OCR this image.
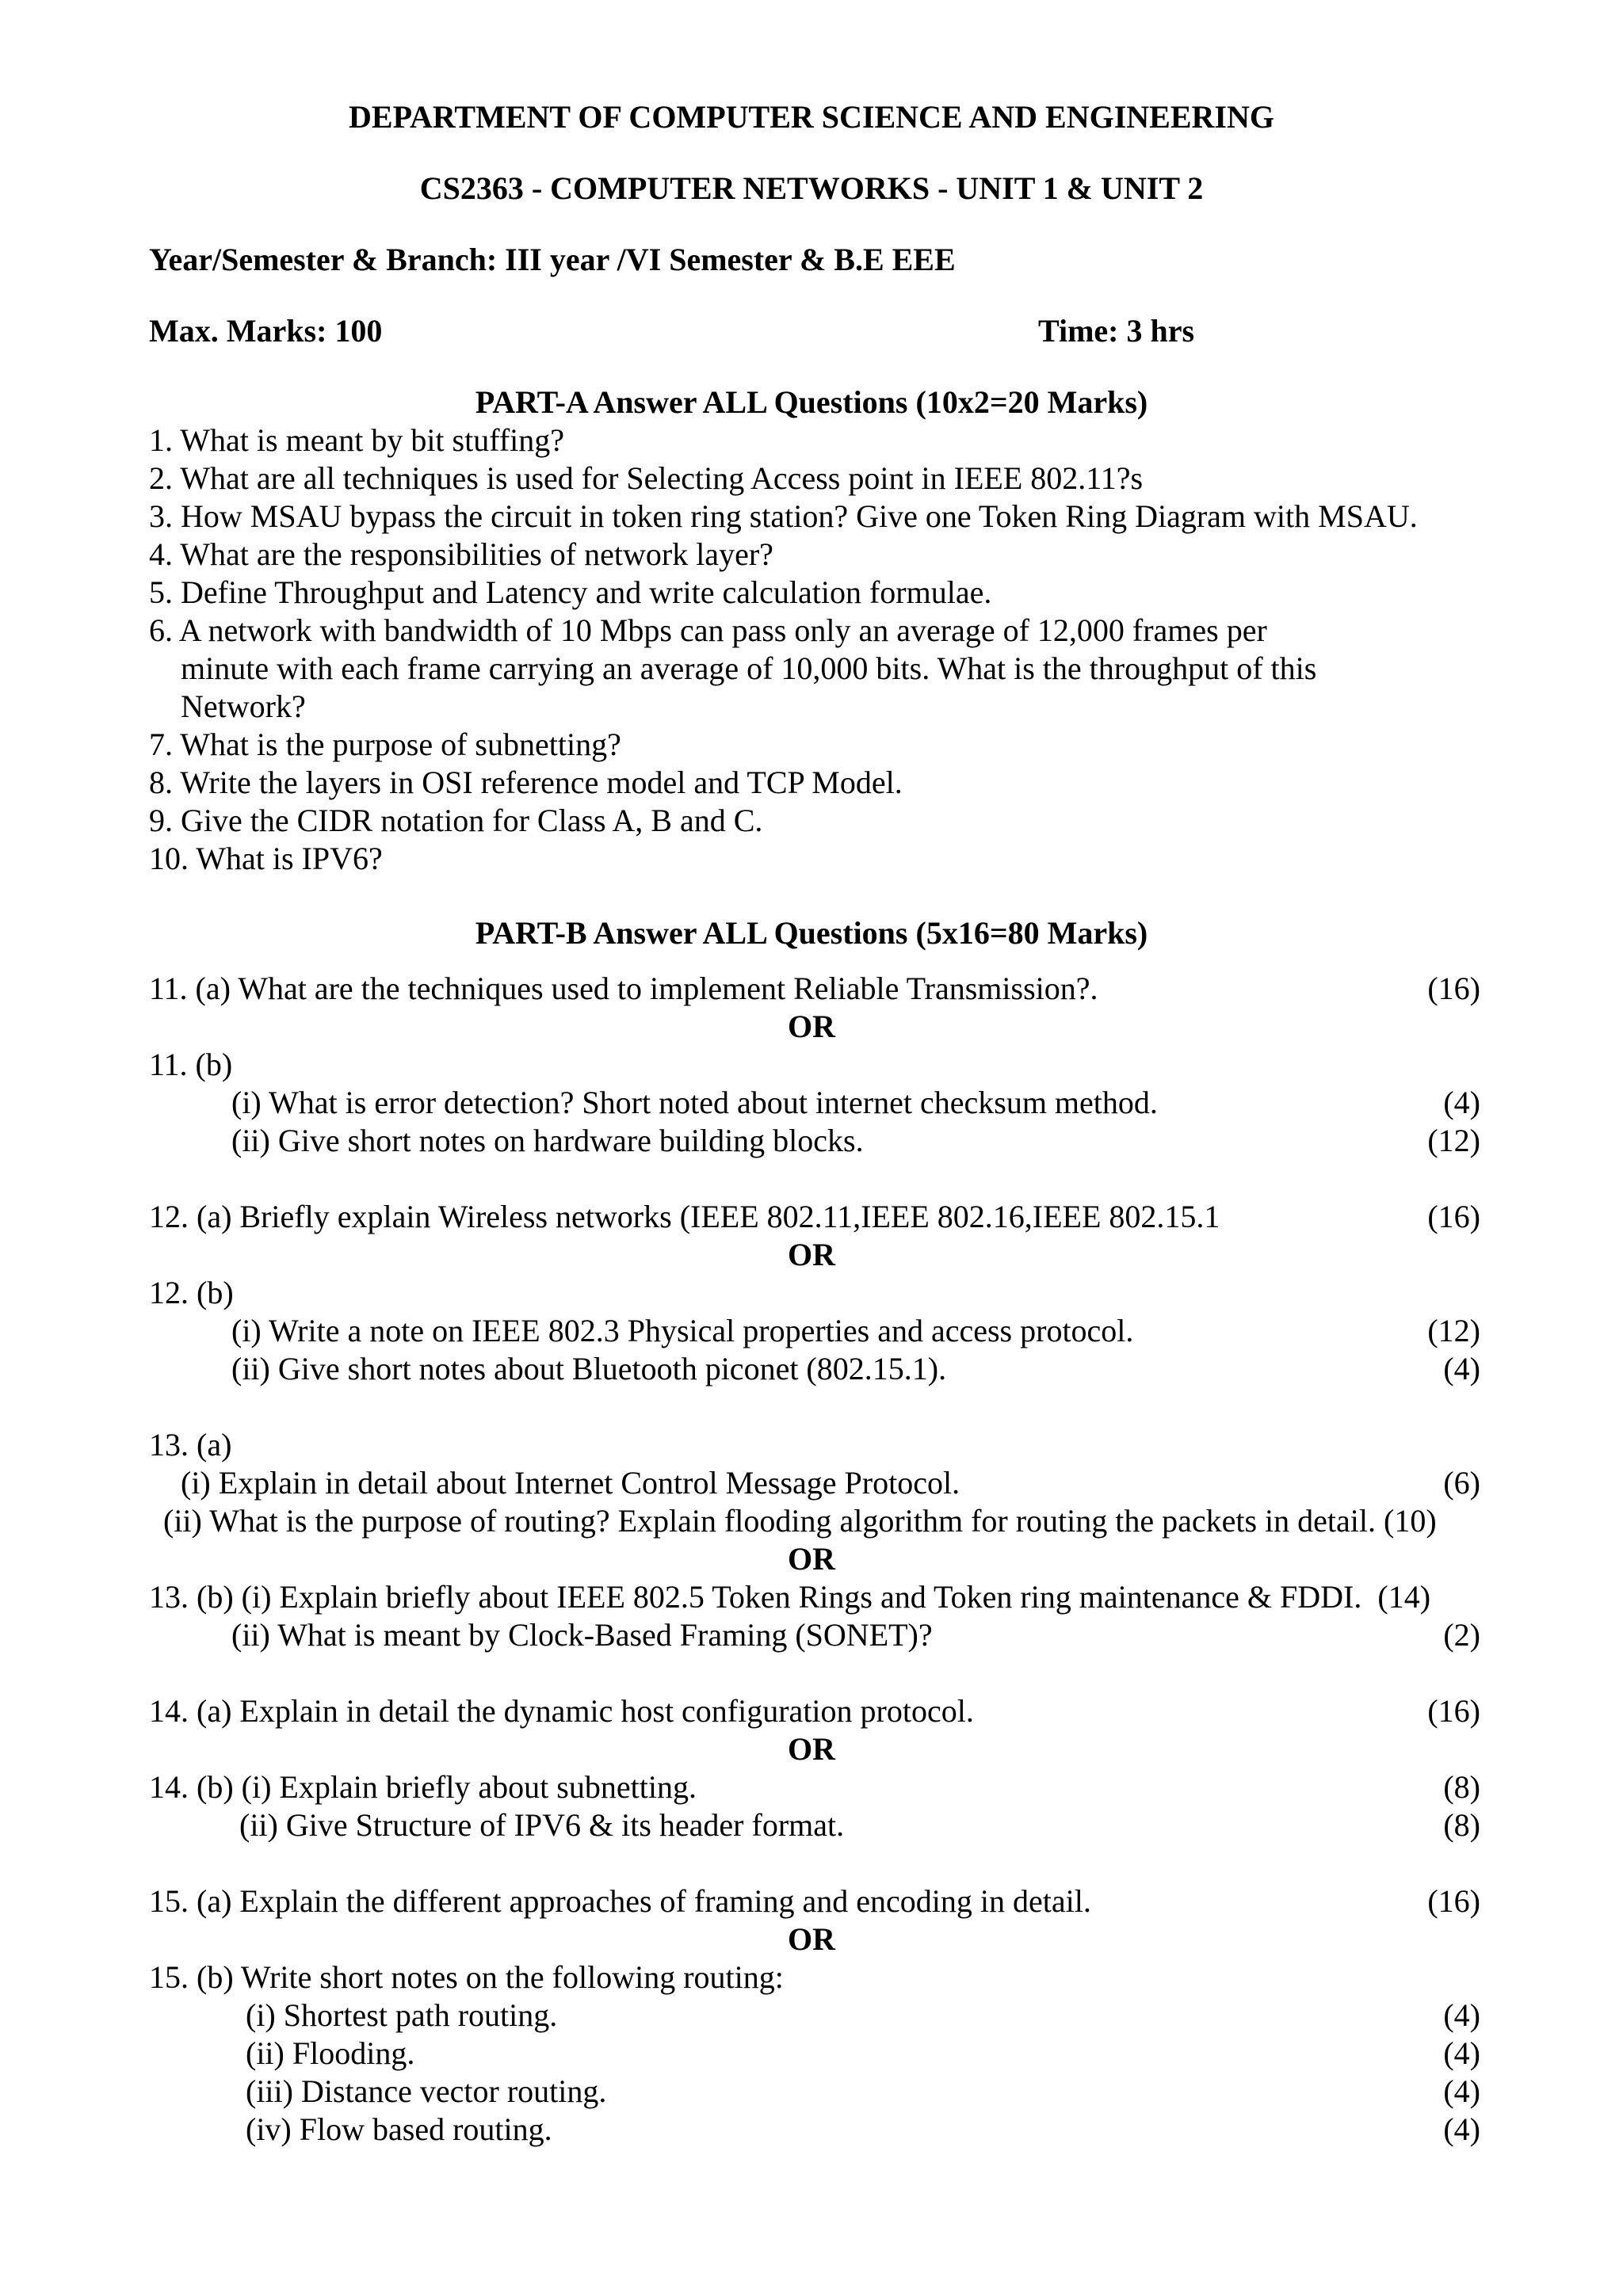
DEPARTMENT OF COMPUTER SCIENCE AND ENGINEERING
CS2363 - COMPUTER NETWORKS - UNIT 1 & UNIT 2
Year/Semester & Branch: III year /VI Semester & B.E EEE
Max. Marks: 100	Time: 3 hrs
PART-A Answer ALL Questions (10x2=20 Marks)
1. What is meant by bit stuffing?
2. What are all techniques is used for Selecting Access point in IEEE 802.11?s
3. How MSAU bypass the circuit in token ring station? Give one Token Ring Diagram with MSAU.
4. What are the responsibilities of network layer?
5. Define Throughput and Latency and write calculation formulae.
6. A network with bandwidth of 10 Mbps can pass only an average of 12,000 frames per
minute with each frame carrying an average of 10,000 bits. What is the throughput of this
Network?
7. What is the purpose of subnetting?
8. Write the layers in OSI reference model and TCP Model.
9. Give the CIDR notation for Class A, B and C.
10. What is IPV6?
PART-B Answer ALL Questions (5x16=80 Marks)
11. (a) What are the techniques used to implement Reliable Transmission?.	(16)
OR
11. (b)
(i) What is error detection? Short noted about internet checksum method.	(4)
(ii) Give short notes on hardware building blocks.	(12)
12. (a) Briefly explain Wireless networks (IEEE 802.11,IEEE 802.16,IEEE 802.15.1	(16)
OR
12. (b)
(i) Write a note on IEEE 802.3 Physical properties and access protocol.	(12)
(ii) Give short notes about Bluetooth piconet (802.15.1).	(4)
13. (a)
(i) Explain in detail about Internet Control Message Protocol.	(6)
(ii) What is the purpose of routing? Explain flooding algorithm for routing the packets in detail. (10)
OR
13. (b) (i) Explain briefly about IEEE 802.5 Token Rings and Token ring maintenance & FDDI.  (14)
(ii) What is meant by Clock-Based Framing (SONET)?	(2)
14. (a) Explain in detail the dynamic host configuration protocol.	(16)
OR
14. (b) (i) Explain briefly about subnetting.	(8)
(ii) Give Structure of IPV6 & its header format.	(8)
15. (a) Explain the different approaches of framing and encoding in detail.	(16)
OR
15. (b) Write short notes on the following routing:
(i) Shortest path routing.	(4)
(ii) Flooding.	(4)
(iii) Distance vector routing.	(4)
(iv) Flow based routing.	(4)
